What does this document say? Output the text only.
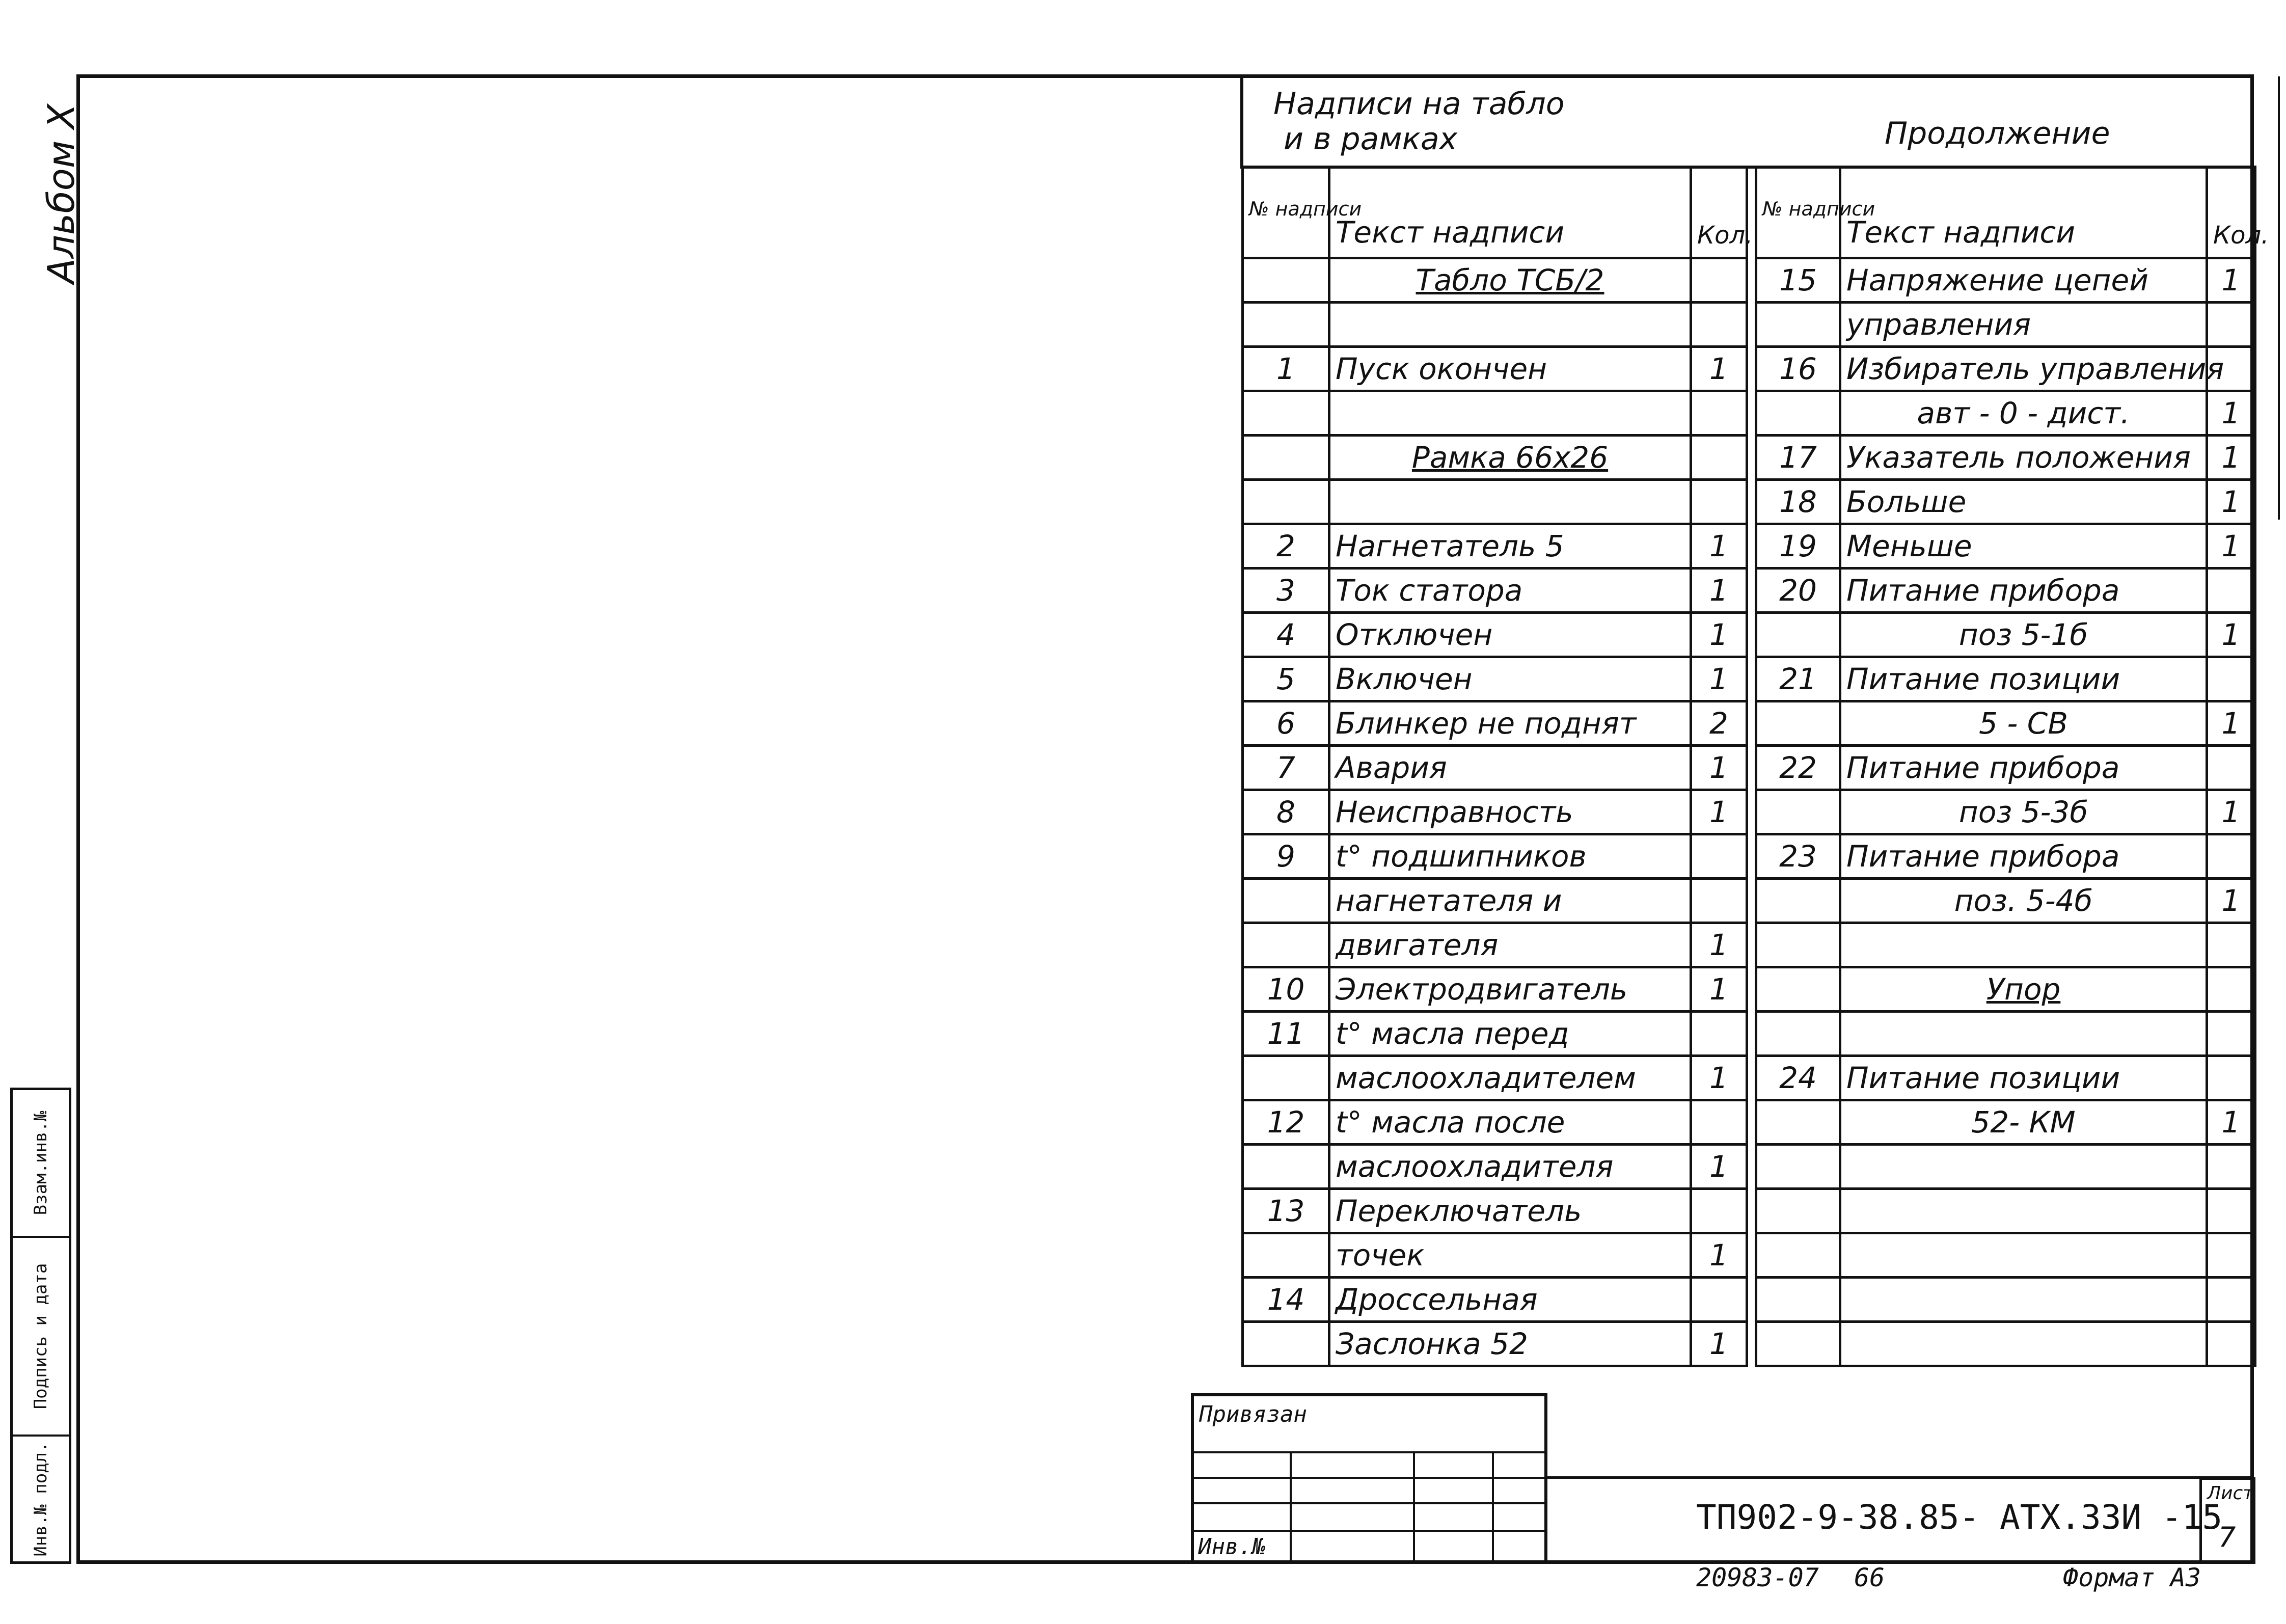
Альбом X
Взам.инв.№
Подпись и дата
Инв.№ подл.
Надписи на табло
и в рамках	Продолжение
№ надписи	Текст надписи	Кол.
	Табло ТСБ/2	

1	Пуск окончен	1

	Рамка 66х26	

2	Нагнетатель 5	1
3	Ток статора	1
4	Отключен	1
5	Включен	1
6	Блинкер не поднят	2
7	Авария	1
8	Неисправность	1
9	t° подшипников	
	нагнетателя и	
	двигателя	1
10	Электродвигатель	1
11	t° масла перед	
	маслоохладителем	1
12	t° масла после	
	маслоохладителя	1
13	Переключатель	
	точек	1
14	Дроссельная	
	Заслонка 52	1
№ надписи	Текст надписи	Кол.
15	Напряжение цепей	1
	управления	
16	Избиратель управления	
	авт - 0 - дист.	1
17	Указатель положения	1
18	Больше	1
19	Меньше	1
20	Питание прибора	
	поз 5-1б	1
21	Питание позиции	
	5 - СВ	1
22	Питание прибора	
	поз 5-3б	1
23	Питание прибора	
	поз. 5-4б	1

	Упор	

24	Питание позиции	
	52- КМ	1

Привязан
Инв.№
ТП902-9-38.85- АТХ.33И -15
Лист
7
20983-07 66	Формат А3
